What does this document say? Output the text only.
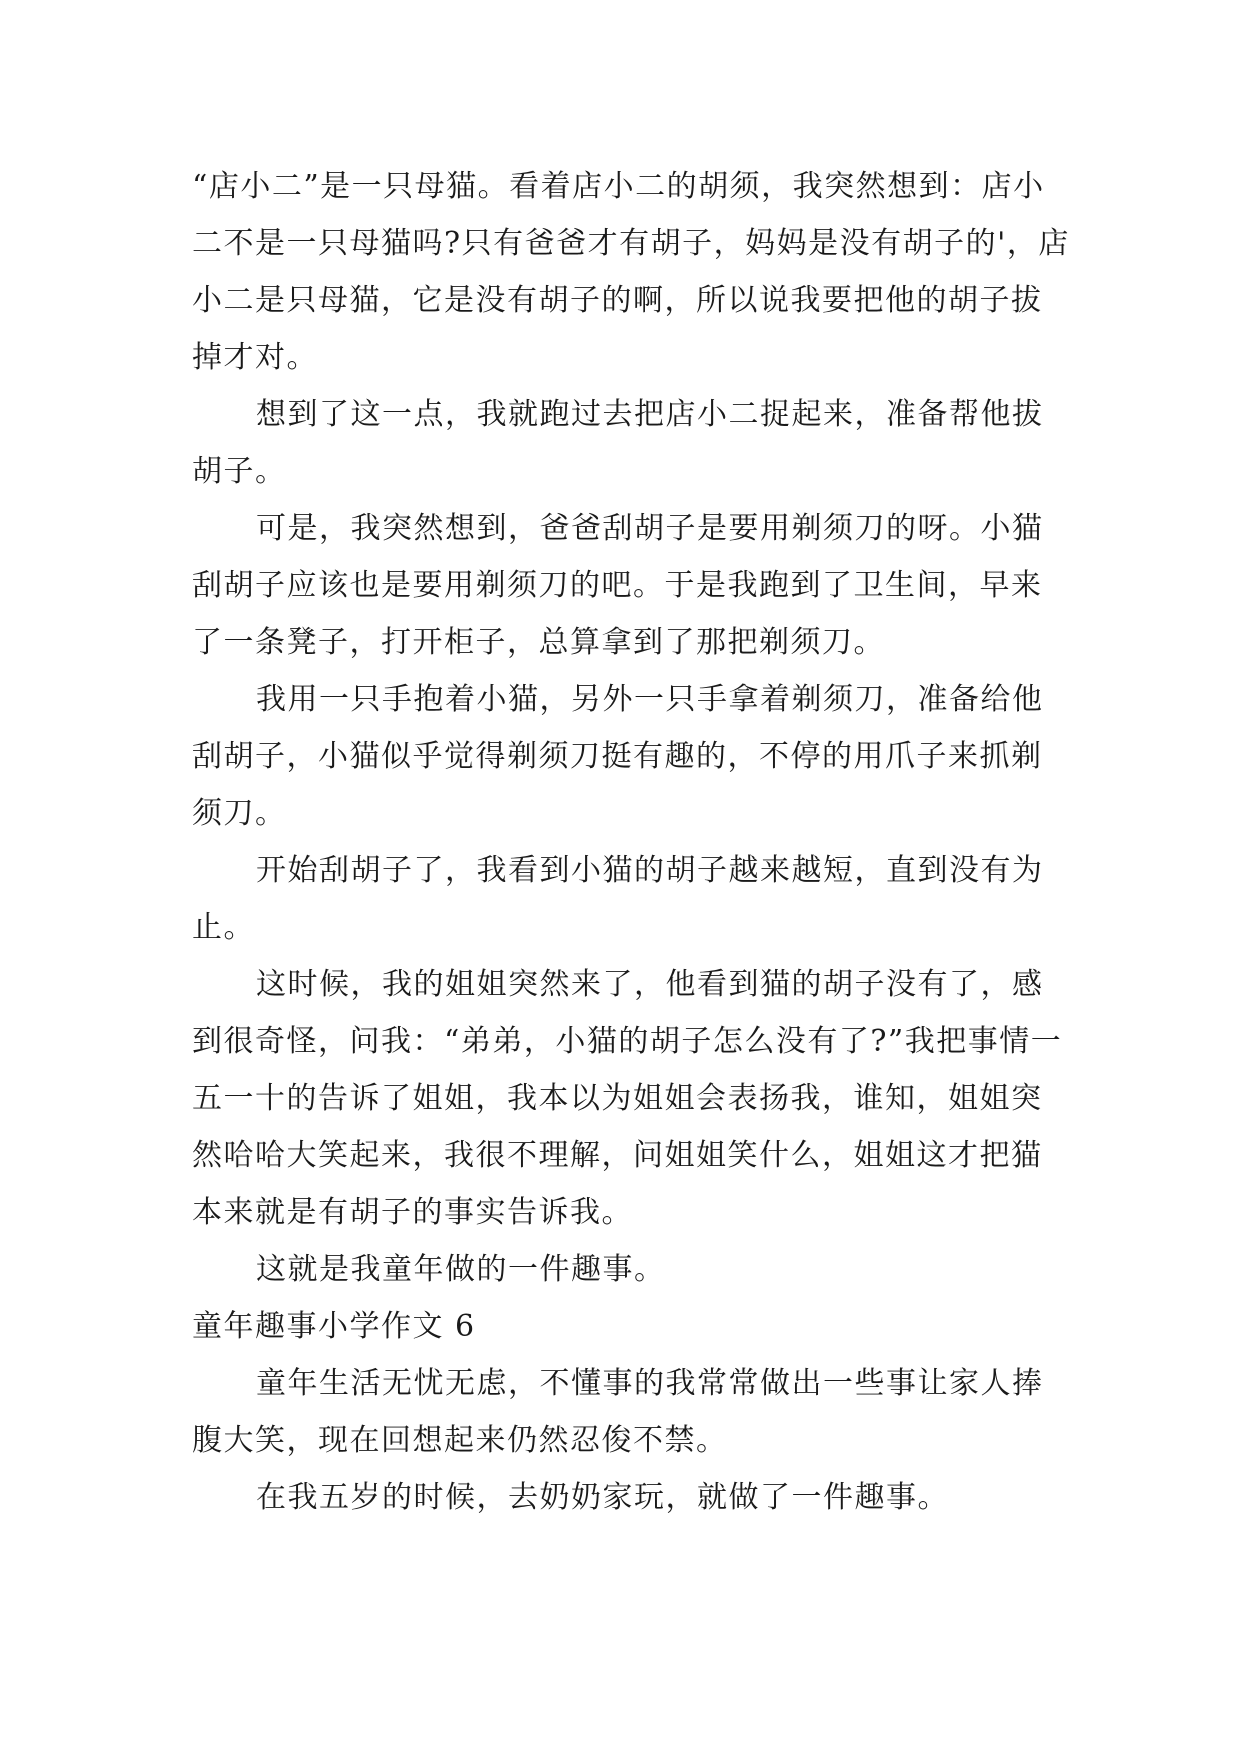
“店小二”是一只母猫。看着店小二的胡须，我突然想到：店小二不是一只母猫吗?只有爸爸才有胡子，妈妈是没有胡子的'，店小二是只母猫，它是没有胡子的啊，所以说我要把他的胡子拔掉才对。

想到了这一点，我就跑过去把店小二捉起来，准备帮他拔胡子。

可是，我突然想到，爸爸刮胡子是要用剃须刀的呀。小猫刮胡子应该也是要用剃须刀的吧。于是我跑到了卫生间，早来了一条凳子，打开柜子，总算拿到了那把剃须刀。

我用一只手抱着小猫，另外一只手拿着剃须刀，准备给他刮胡子，小猫似乎觉得剃须刀挺有趣的，不停的用爪子来抓剃须刀。

开始刮胡子了，我看到小猫的胡子越来越短，直到没有为止。

这时候，我的姐姐突然来了，他看到猫的胡子没有了，感到很奇怪，问我：“弟弟，小猫的胡子怎么没有了?”我把事情一五一十的告诉了姐姐，我本以为姐姐会表扬我，谁知，姐姐突然哈哈大笑起来，我很不理解，问姐姐笑什么，姐姐这才把猫本来就是有胡子的事实告诉我。

这就是我童年做的一件趣事。

童年趣事小学作文 6

童年生活无忧无虑，不懂事的我常常做出一些事让家人捧腹大笑，现在回想起来仍然忍俊不禁。

在我五岁的时候，去奶奶家玩，就做了一件趣事。
